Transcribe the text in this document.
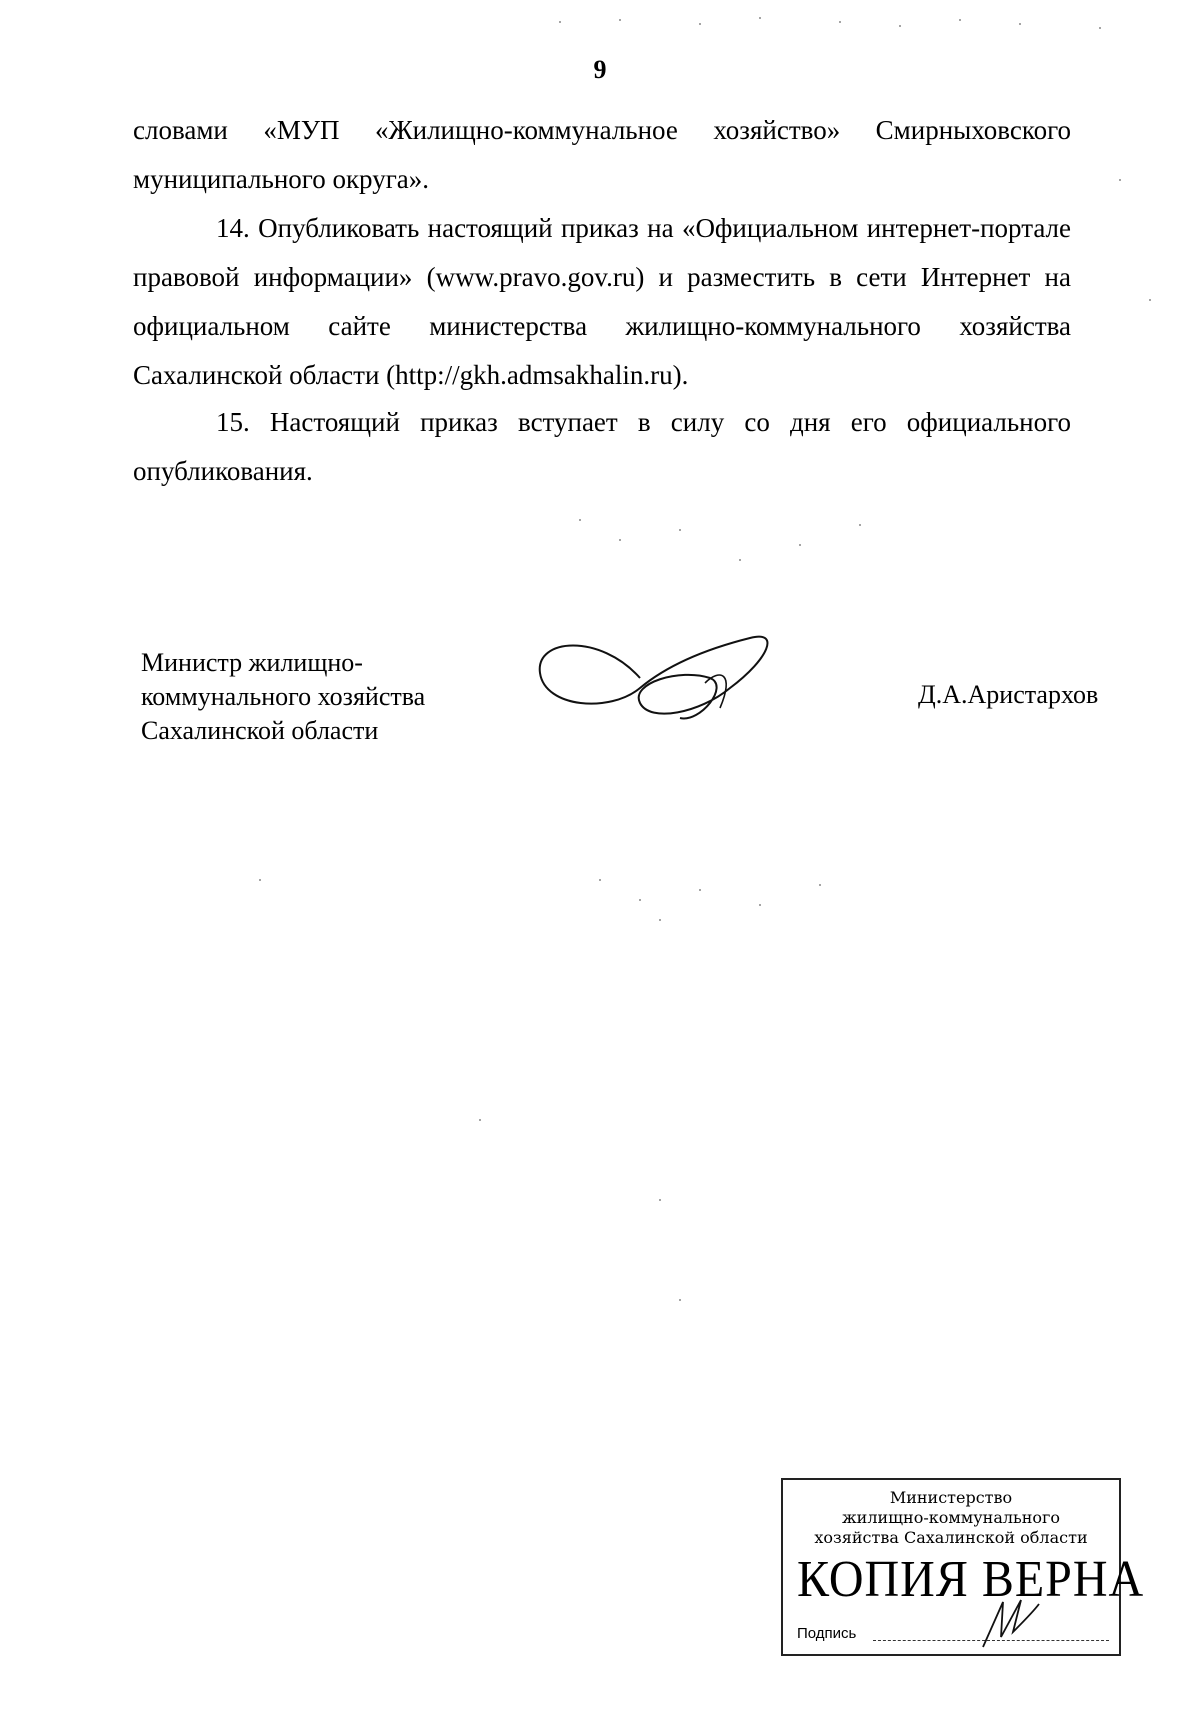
9

словами «МУП «Жилищно-коммунальное хозяйство» Смирныховского муниципального округа».

14. Опубликовать настоящий приказ на «Официальном интернет-портале правовой информации» (www.pravo.gov.ru) и разместить в сети Интернет на официальном сайте министерства жилищно-коммунального хозяйства Сахалинской области (http://gkh.admsakhalin.ru).

15. Настоящий приказ вступает в силу со дня его официального опубликования.

Министр жилищно-
коммунального хозяйства
Сахалинской области
Д.А.Аристархов
Министерство
жилищно-коммунального
хозяйства Сахалинской области
КОПИЯ ВЕРНА
Подпись
